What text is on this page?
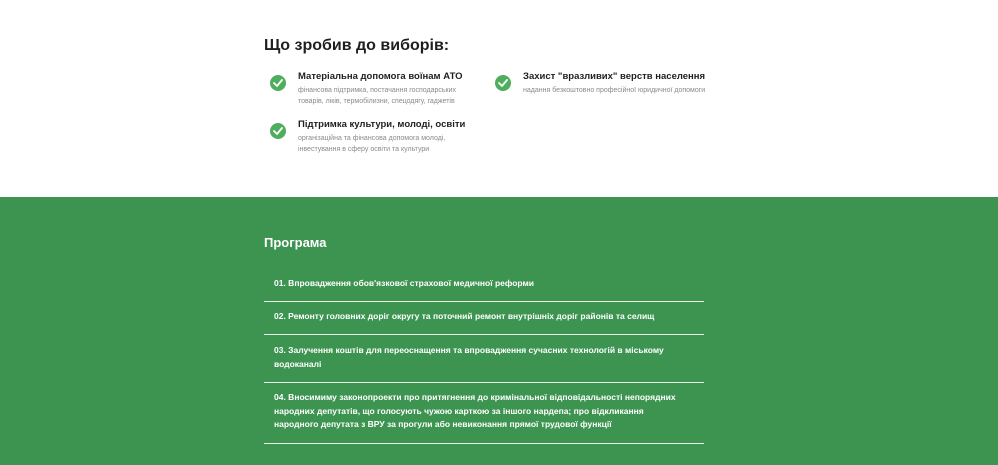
Що зробив до виборів:
Матеріальна допомога воїнам АТО
фінансова підтримка, постачання господарських товарів, ліків, термобілизни, спецодягу, гаджетів
Захист "вразливих" верств населення
надання безкоштовно професійної юридичної допомоги
Підтримка культури, молоді, освіти
організаційна та фінансова допомога молоді, інвестування в сферу освіти та культури
Програма
01. Впровадження обов'язкової страхової медичної реформи
02. Ремонту головних доріг округу та поточний ремонт внутрішніх доріг районів та селищ
03. Залучення коштів для переоснащення та впровадження сучасних технологій в міському водоканалі
04. Вносимиму законопроекти про притягнення до кримінальної відповідальності непорядних народних депутатів, що голосують чужою карткою за іншого нардепа; про відкликання народного депутата з ВРУ за прогули або невиконання прямої трудової функції
